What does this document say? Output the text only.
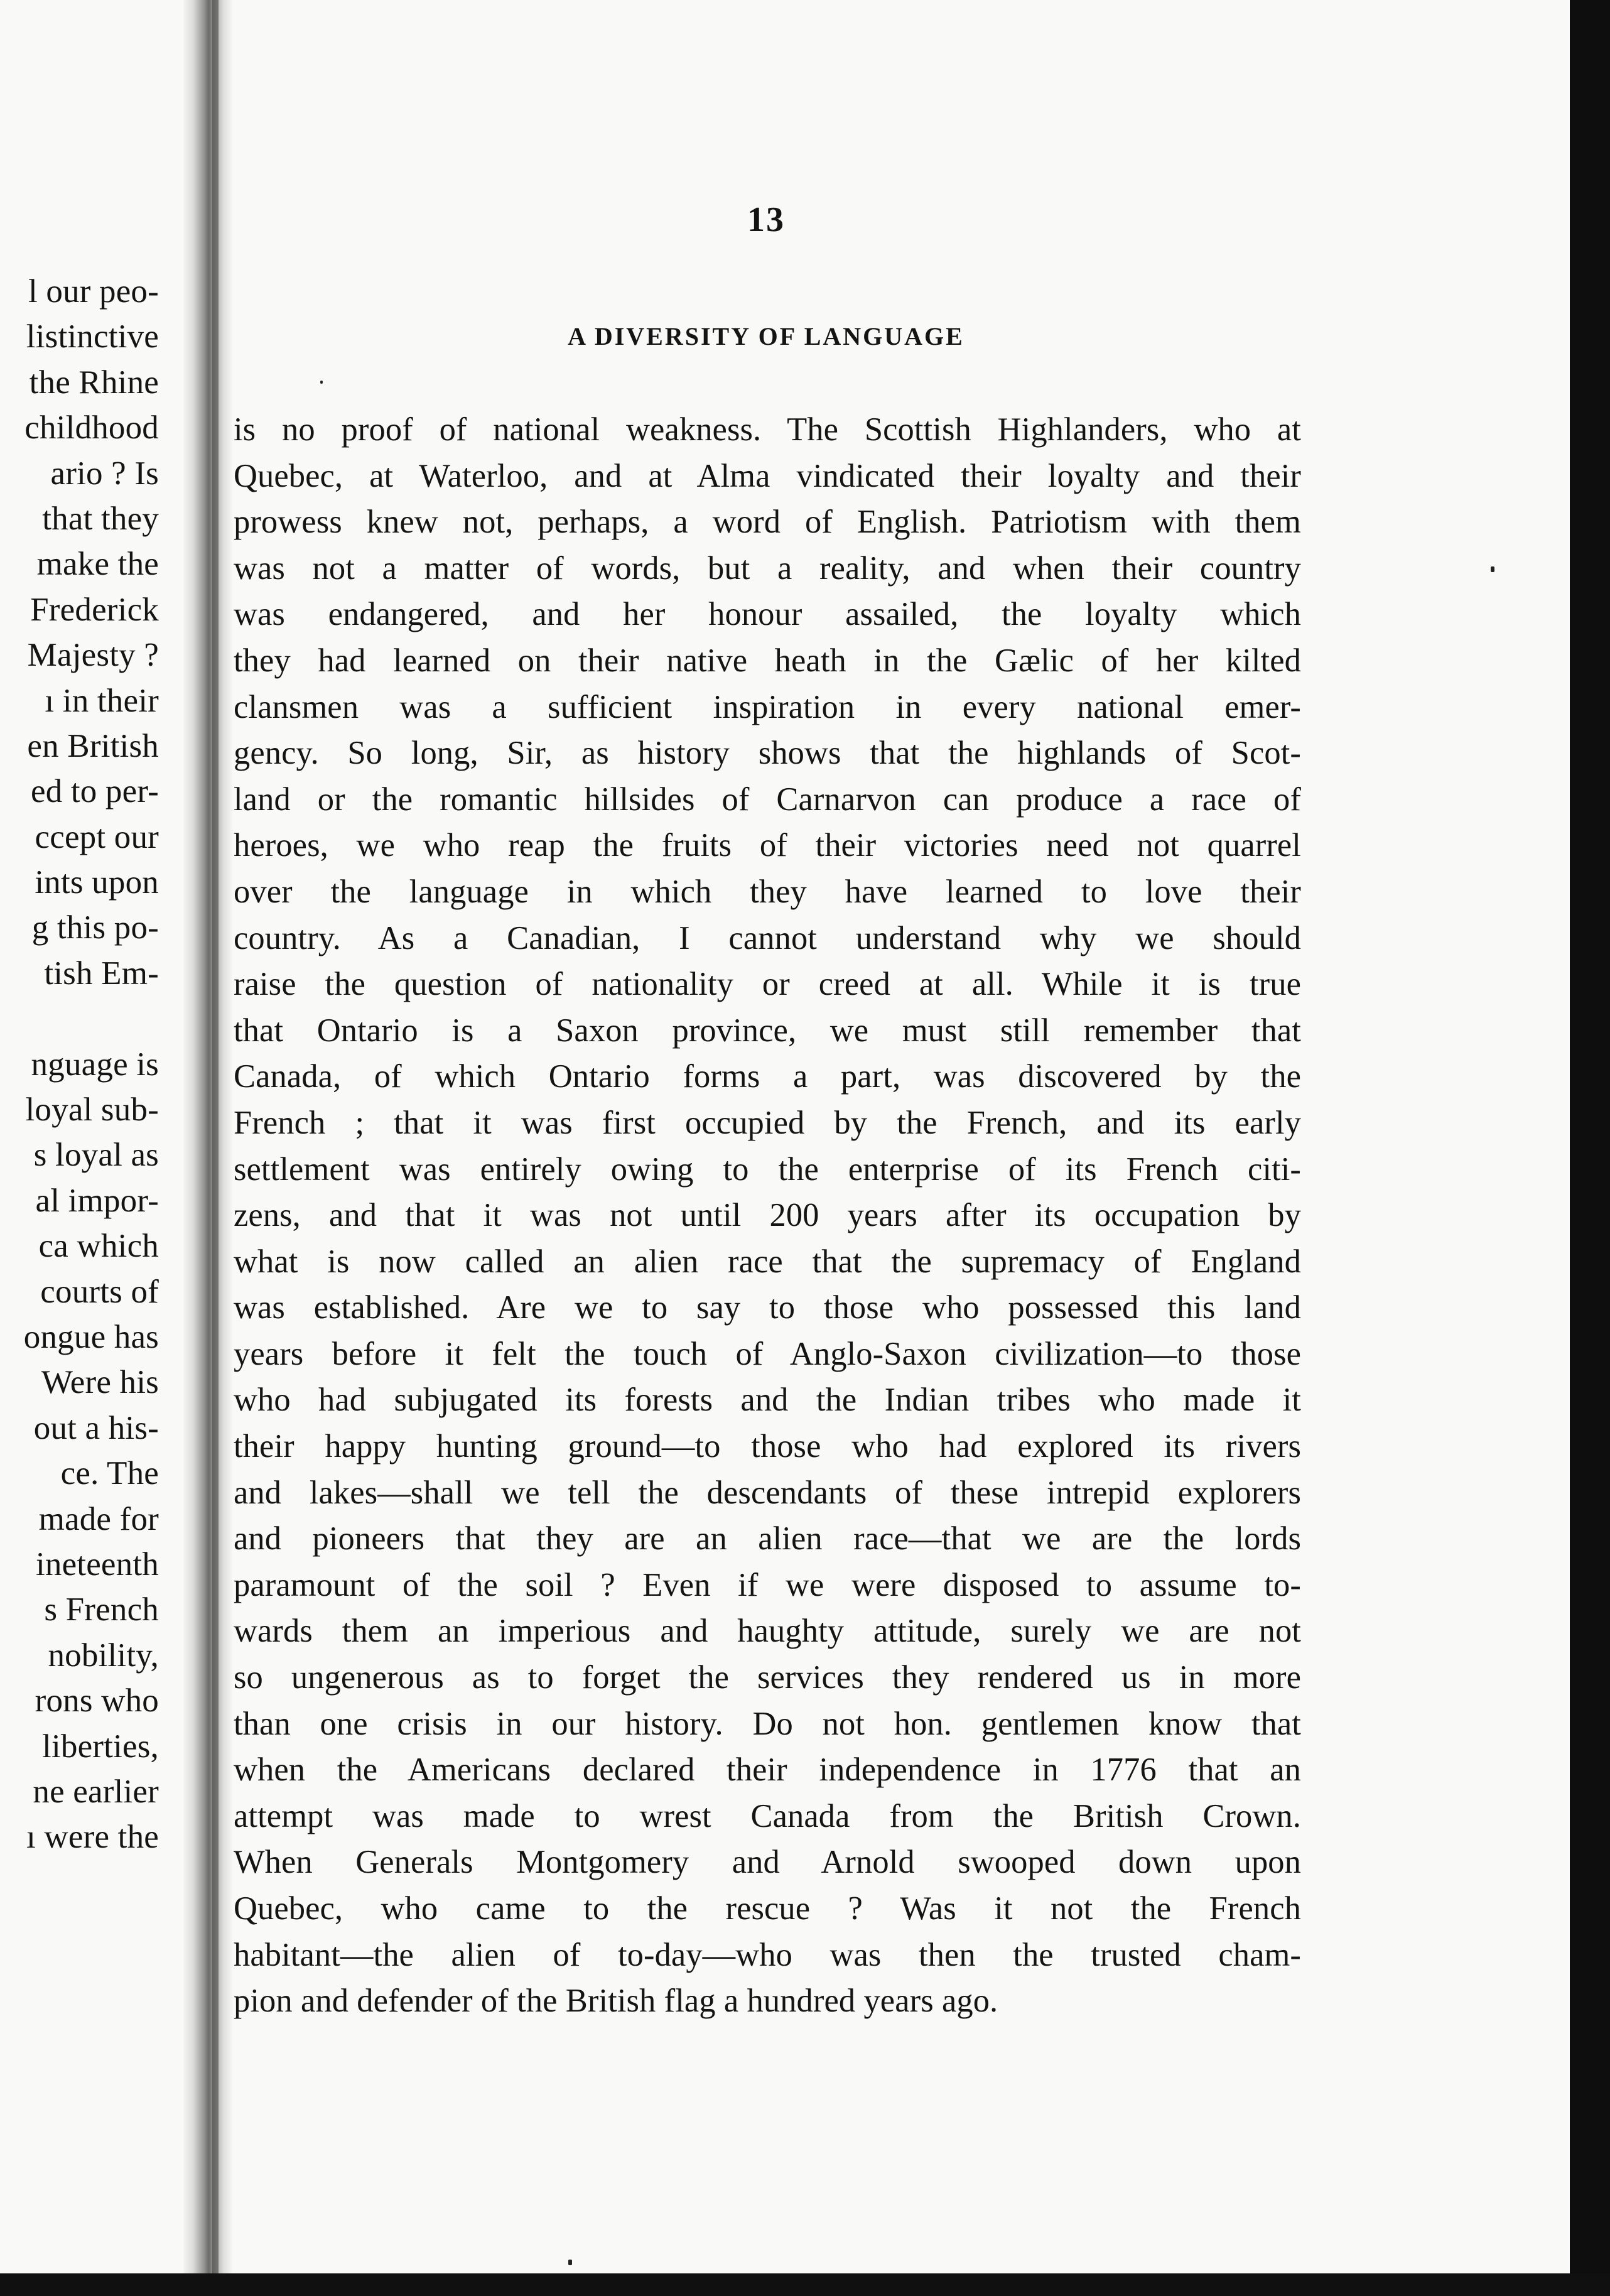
l our peo-
listinctive
the Rhine
childhood
ario ? Is
that they
make the
Frederick
Majesty ?
ı in their
en British
ed to per-
ccept our
ints upon
g this po-
tish Em-
nguage is
loyal sub-
s loyal as
al impor-
ca which
courts of
ongue has
Were his
out a his-
ce. The
made for
ineteenth
s French
nobility,
rons who
liberties,
ne earlier
ı were the
13
A DIVERSITY OF LANGUAGE
is no proof of national weakness. The Scottish Highlanders, who at
Quebec, at Waterloo, and at Alma vindicated their loyalty and their
prowess knew not, perhaps, a word of English. Patriotism with them
was not a matter of words, but a reality, and when their country
was endangered, and her honour assailed, the loyalty which
they had learned on their native heath in the Gælic of her kilted
clansmen was a sufficient inspiration in every national emer-
gency. So long, Sir, as history shows that the highlands of Scot-
land or the romantic hillsides of Carnarvon can produce a race of
heroes, we who reap the fruits of their victories need not quarrel
over the language in which they have learned to love their
country. As a Canadian, I cannot understand why we should
raise the question of nationality or creed at all. While it is true
that Ontario is a Saxon province, we must still remember that
Canada, of which Ontario forms a part, was discovered by the
French ; that it was first occupied by the French, and its early
settlement was entirely owing to the enterprise of its French citi-
zens, and that it was not until 200 years after its occupation by
what is now called an alien race that the supremacy of England
was established. Are we to say to those who possessed this land
years before it felt the touch of Anglo-Saxon civilization—to those
who had subjugated its forests and the Indian tribes who made it
their happy hunting ground—to those who had explored its rivers
and lakes—shall we tell the descendants of these intrepid explorers
and pioneers that they are an alien race—that we are the lords
paramount of the soil ? Even if we were disposed to assume to-
wards them an imperious and haughty attitude, surely we are not
so ungenerous as to forget the services they rendered us in more
than one crisis in our history. Do not hon. gentlemen know that
when the Americans declared their independence in 1776 that an
attempt was made to wrest Canada from the British Crown.
When Generals Montgomery and Arnold swooped down upon
Quebec, who came to the rescue ? Was it not the French
habitant—the alien of to-day—who was then the trusted cham-
pion and defender of the British flag a hundred years ago.
